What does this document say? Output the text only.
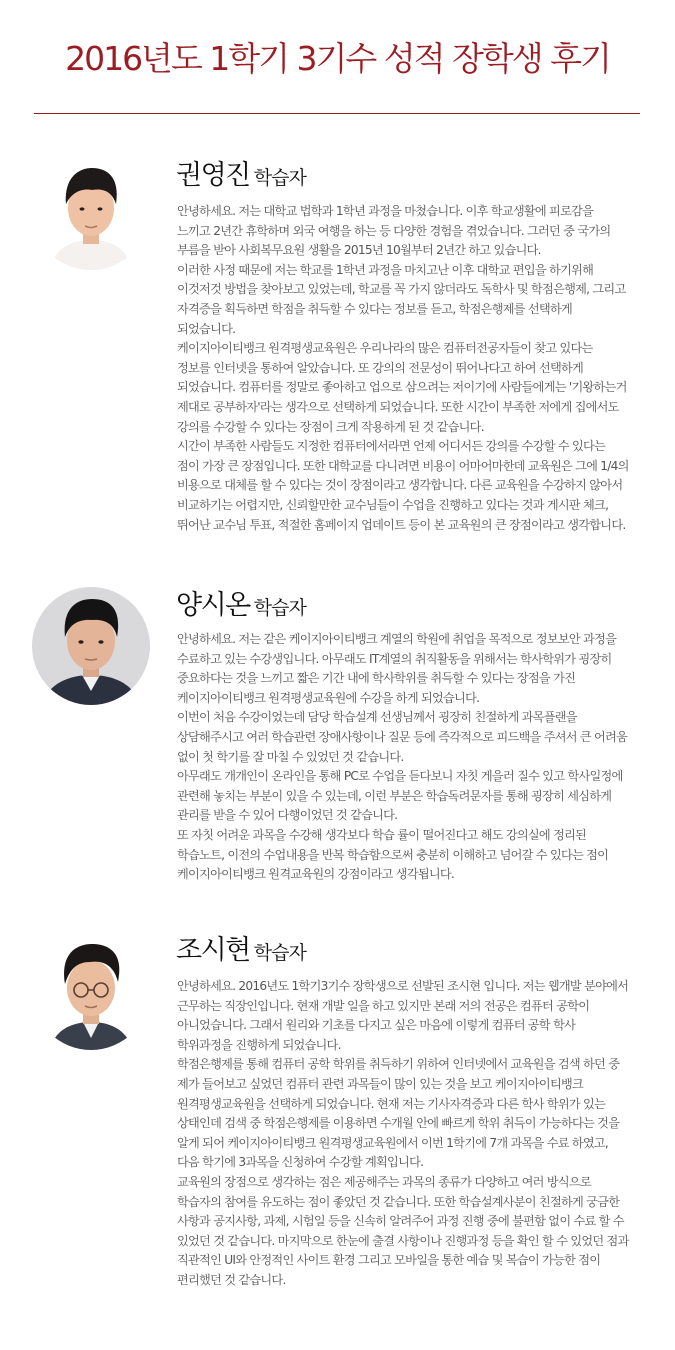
2016년도 1학기 3기수 성적 장학생 후기
권영진 학습자

안녕하세요. 저는 대학교 법학과 1학년 과정을 마쳤습니다. 이후 학교생활에 피로감을

느끼고 2년간 휴학하며 외국 여행을 하는 등 다양한 경험을 겪었습니다. 그러던 중 국가의

부름을 받아 사회복무요원 생활을 2015년 10월부터 2년간 하고 있습니다.

이러한 사정 때문에 저는 학교를 1학년 과정을 마치고난 이후 대학교 편입을 하기위해

이것저것 방법을 찾아보고 있었는데, 학교를 꼭 가지 않더라도 독학사 및 학점은행제, 그리고

자격증을 획득하면 학점을 취득할 수 있다는 정보를 듣고, 학점은행제를 선택하게

되었습니다.

케이지아이티뱅크 원격평생교육원은 우리나라의 많은 컴퓨터전공자들이 찾고 있다는

정보를 인터넷을 통하여 알았습니다. 또 강의의 전문성이 뛰어나다고 하여 선택하게

되었습니다. 컴퓨터를 정말로 좋아하고 업으로 삼으려는 저이기에 사람들에게는 '기왕하는거

제대로 공부하자'라는 생각으로 선택하게 되었습니다. 또한 시간이 부족한 저에게 집에서도

강의를 수강할 수 있다는 장점이 크게 작용하게 된 것 같습니다.

시간이 부족한 사람들도 지정한 컴퓨터에서라면 언제 어디서든 강의를 수강할 수 있다는

점이 가장 큰 장점입니다. 또한 대학교를 다니려면 비용이 어마어마한데 교육원은 그에 1/4의

비용으로 대체를 할 수 있다는 것이 장점이라고 생각합니다. 다른 교육원을 수강하지 않아서

비교하기는 어렵지만, 신뢰할만한 교수님들이 수업을 진행하고 있다는 것과 게시판 체크,

뛰어난 교수님 투표, 적절한 홈페이지 업데이트 등이 본 교육원의 큰 장점이라고 생각합니다.

양시온 학습자

안녕하세요. 저는 같은 케이지아이티뱅크 계열의 학원에 취업을 목적으로 정보보안 과정을

수료하고 있는 수강생입니다. 아무래도 IT계열의 취직활동을 위해서는 학사학위가 굉장히

중요하다는 것을 느끼고 짧은 기간 내에 학사학위를 취득할 수 있다는 장점을 가진

케이지아이티뱅크 원격평생교육원에 수강을 하게 되었습니다.

이번이 처음 수강이었는데 담당 학습설계 선생님께서 굉장히 친절하게 과목플랜을

상담해주시고 여러 학습관련 장애사항이나 질문 등에 즉각적으로 피드백을 주셔서 큰 어려움

없이 첫 학기를 잘 마칠 수 있었던 것 같습니다.

아무래도 개개인이 온라인을 통해 PC로 수업을 듣다보니 자칫 게을러 질수 있고 학사일정에

관련해 놓치는 부분이 있을 수 있는데, 이런 부분은 학습독려문자를 통해 굉장히 세심하게

관리를 받을 수 있어 다행이었던 것 같습니다.

또 자칫 어려운 과목을 수강해 생각보다 학습 률이 떨어진다고 해도 강의실에 정리된

학습노트, 이전의 수업내용을 반복 학습함으로써 충분히 이해하고 넘어갈 수 있다는 점이

케이지아이티뱅크 원격교육원의 강점이라고 생각됩니다.

조시현 학습자

안녕하세요. 2016년도 1학기3기수 장학생으로 선발된 조시현 입니다. 저는 웹개발 분야에서

근무하는 직장인입니다. 현재 개발 일을 하고 있지만 본래 저의 전공은 컴퓨터 공학이

아니었습니다. 그래서 원리와 기초를 다지고 싶은 마음에 이렇게 컴퓨터 공학 학사

학위과정을 진행하게 되었습니다.

학점은행제를 통해 컴퓨터 공학 학위를 취득하기 위하여 인터넷에서 교육원을 검색 하던 중

제가 들어보고 싶었던 컴퓨터 관련 과목들이 많이 있는 것을 보고 케이지아이티뱅크

원격평생교육원을 선택하게 되었습니다. 현재 저는 기사자격증과 다른 학사 학위가 있는

상태인데 검색 중 학점은행제를 이용하면 수개월 안에 빠르게 학위 취득이 가능하다는 것을

알게 되어 케이지아이티뱅크 원격평생교육원에서 이번 1학기에 7개 과목을 수료 하였고,

다음 학기에 3과목을 신청하여 수강할 계획입니다.

교육원의 장점으로 생각하는 점은 제공해주는 과목의 종류가 다양하고 여러 방식으로

학습자의 참여를 유도하는 점이 좋았던 것 같습니다. 또한 학습설계사분이 친절하게 궁금한

사항과 공지사항, 과제, 시험일 등을 신속히 알려주어 과정 진행 중에 불편함 없이 수료 할 수

있었던 것 같습니다. 마지막으로 한눈에 출결 사항이나 진행과정 등을 확인 할 수 있었던 점과

직관적인 UI와 안정적인 사이트 환경 그리고 모바일을 통한 예습 및 복습이 가능한 점이

편리했던 것 같습니다.
